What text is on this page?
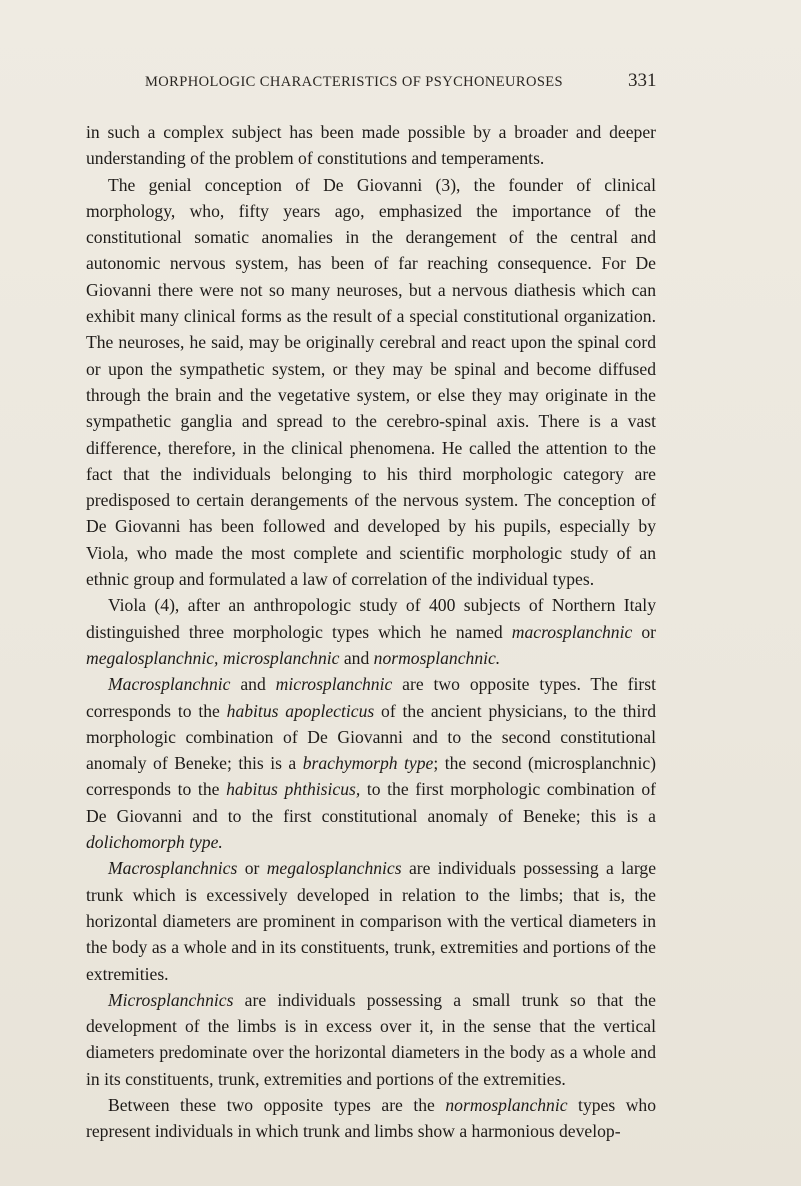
MORPHOLOGIC CHARACTERISTICS OF PSYCHONEUROSES	331

in such a complex subject has been made possible by a broader and deeper understanding of the problem of constitutions and temperaments.

The genial conception of De Giovanni (3), the founder of clinical morphology, who, fifty years ago, emphasized the importance of the constitutional somatic anomalies in the derangement of the central and autonomic nervous system, has been of far reaching consequence. For De Giovanni there were not so many neuroses, but a nervous diathesis which can exhibit many clinical forms as the result of a special constitutional organization. The neuroses, he said, may be originally cerebral and react upon the spinal cord or upon the sympathetic system, or they may be spinal and become diffused through the brain and the vegetative system, or else they may originate in the sympathetic ganglia and spread to the cerebro-spinal axis. There is a vast difference, therefore, in the clinical phenomena. He called the attention to the fact that the individuals belonging to his third morphologic category are predisposed to certain derangements of the nervous system. The conception of De Giovanni has been followed and developed by his pupils, especially by Viola, who made the most complete and scientific morphologic study of an ethnic group and formulated a law of correlation of the individual types.

Viola (4), after an anthropologic study of 400 subjects of Northern Italy distinguished three morphologic types which he named macrosplanchnic or megalosplanchnic, microsplanchnic and normosplanchnic.

Macrosplanchnic and microsplanchnic are two opposite types. The first corresponds to the habitus apoplecticus of the ancient physicians, to the third morphologic combination of De Giovanni and to the second constitutional anomaly of Beneke; this is a brachymorph type; the second (microsplanchnic) corresponds to the habitus phthisicus, to the first morphologic combination of De Giovanni and to the first constitutional anomaly of Beneke; this is a dolichomorph type.

Macrosplanchnics or megalosplanchnics are individuals possessing a large trunk which is excessively developed in relation to the limbs; that is, the horizontal diameters are prominent in comparison with the vertical diameters in the body as a whole and in its constituents, trunk, extremities and portions of the extremities.

Microsplanchnics are individuals possessing a small trunk so that the development of the limbs is in excess over it, in the sense that the vertical diameters predominate over the horizontal diameters in the body as a whole and in its constituents, trunk, extremities and portions of the extremities.

Between these two opposite types are the normosplanchnic types who represent individuals in which trunk and limbs show a harmonious develop-
